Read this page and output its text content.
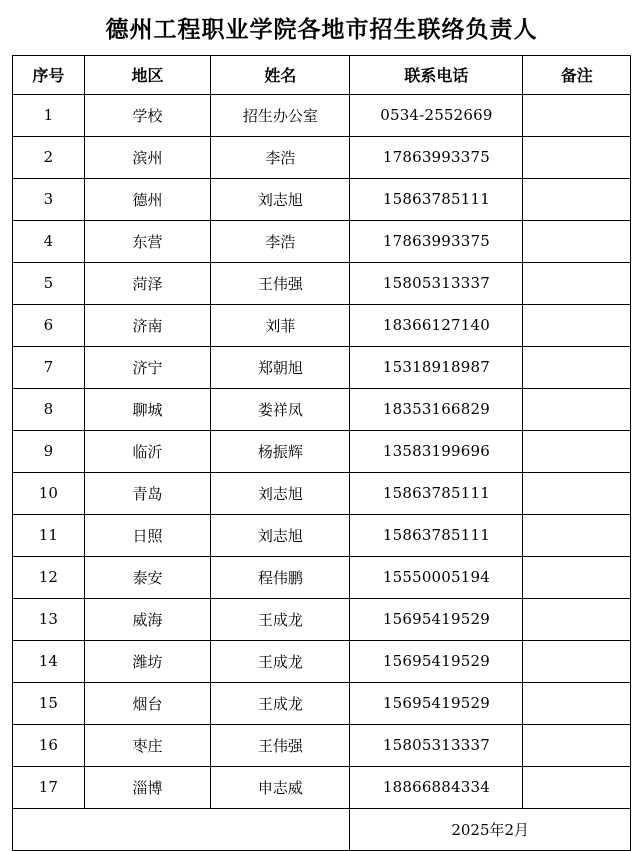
德州工程职业学院各地市招生联络负责人
序号	地区	姓名	联系电话	备注
1	学校	招生办公室	0534-2552669	
2	滨州	李浩	17863993375	
3	德州	刘志旭	15863785111	
4	东营	李浩	17863993375	
5	菏泽	王伟强	15805313337	
6	济南	刘菲	18366127140	
7	济宁	郑朝旭	15318918987	
8	聊城	娄祥凤	18353166829	
9	临沂	杨振辉	13583199696	
10	青岛	刘志旭	15863785111	
11	日照	刘志旭	15863785111	
12	泰安	程伟鹏	15550005194	
13	威海	王成龙	15695419529	
14	潍坊	王成龙	15695419529	
15	烟台	王成龙	15695419529	
16	枣庄	王伟强	15805313337	
17	淄博	申志威	18866884334	
			2025年2月	
